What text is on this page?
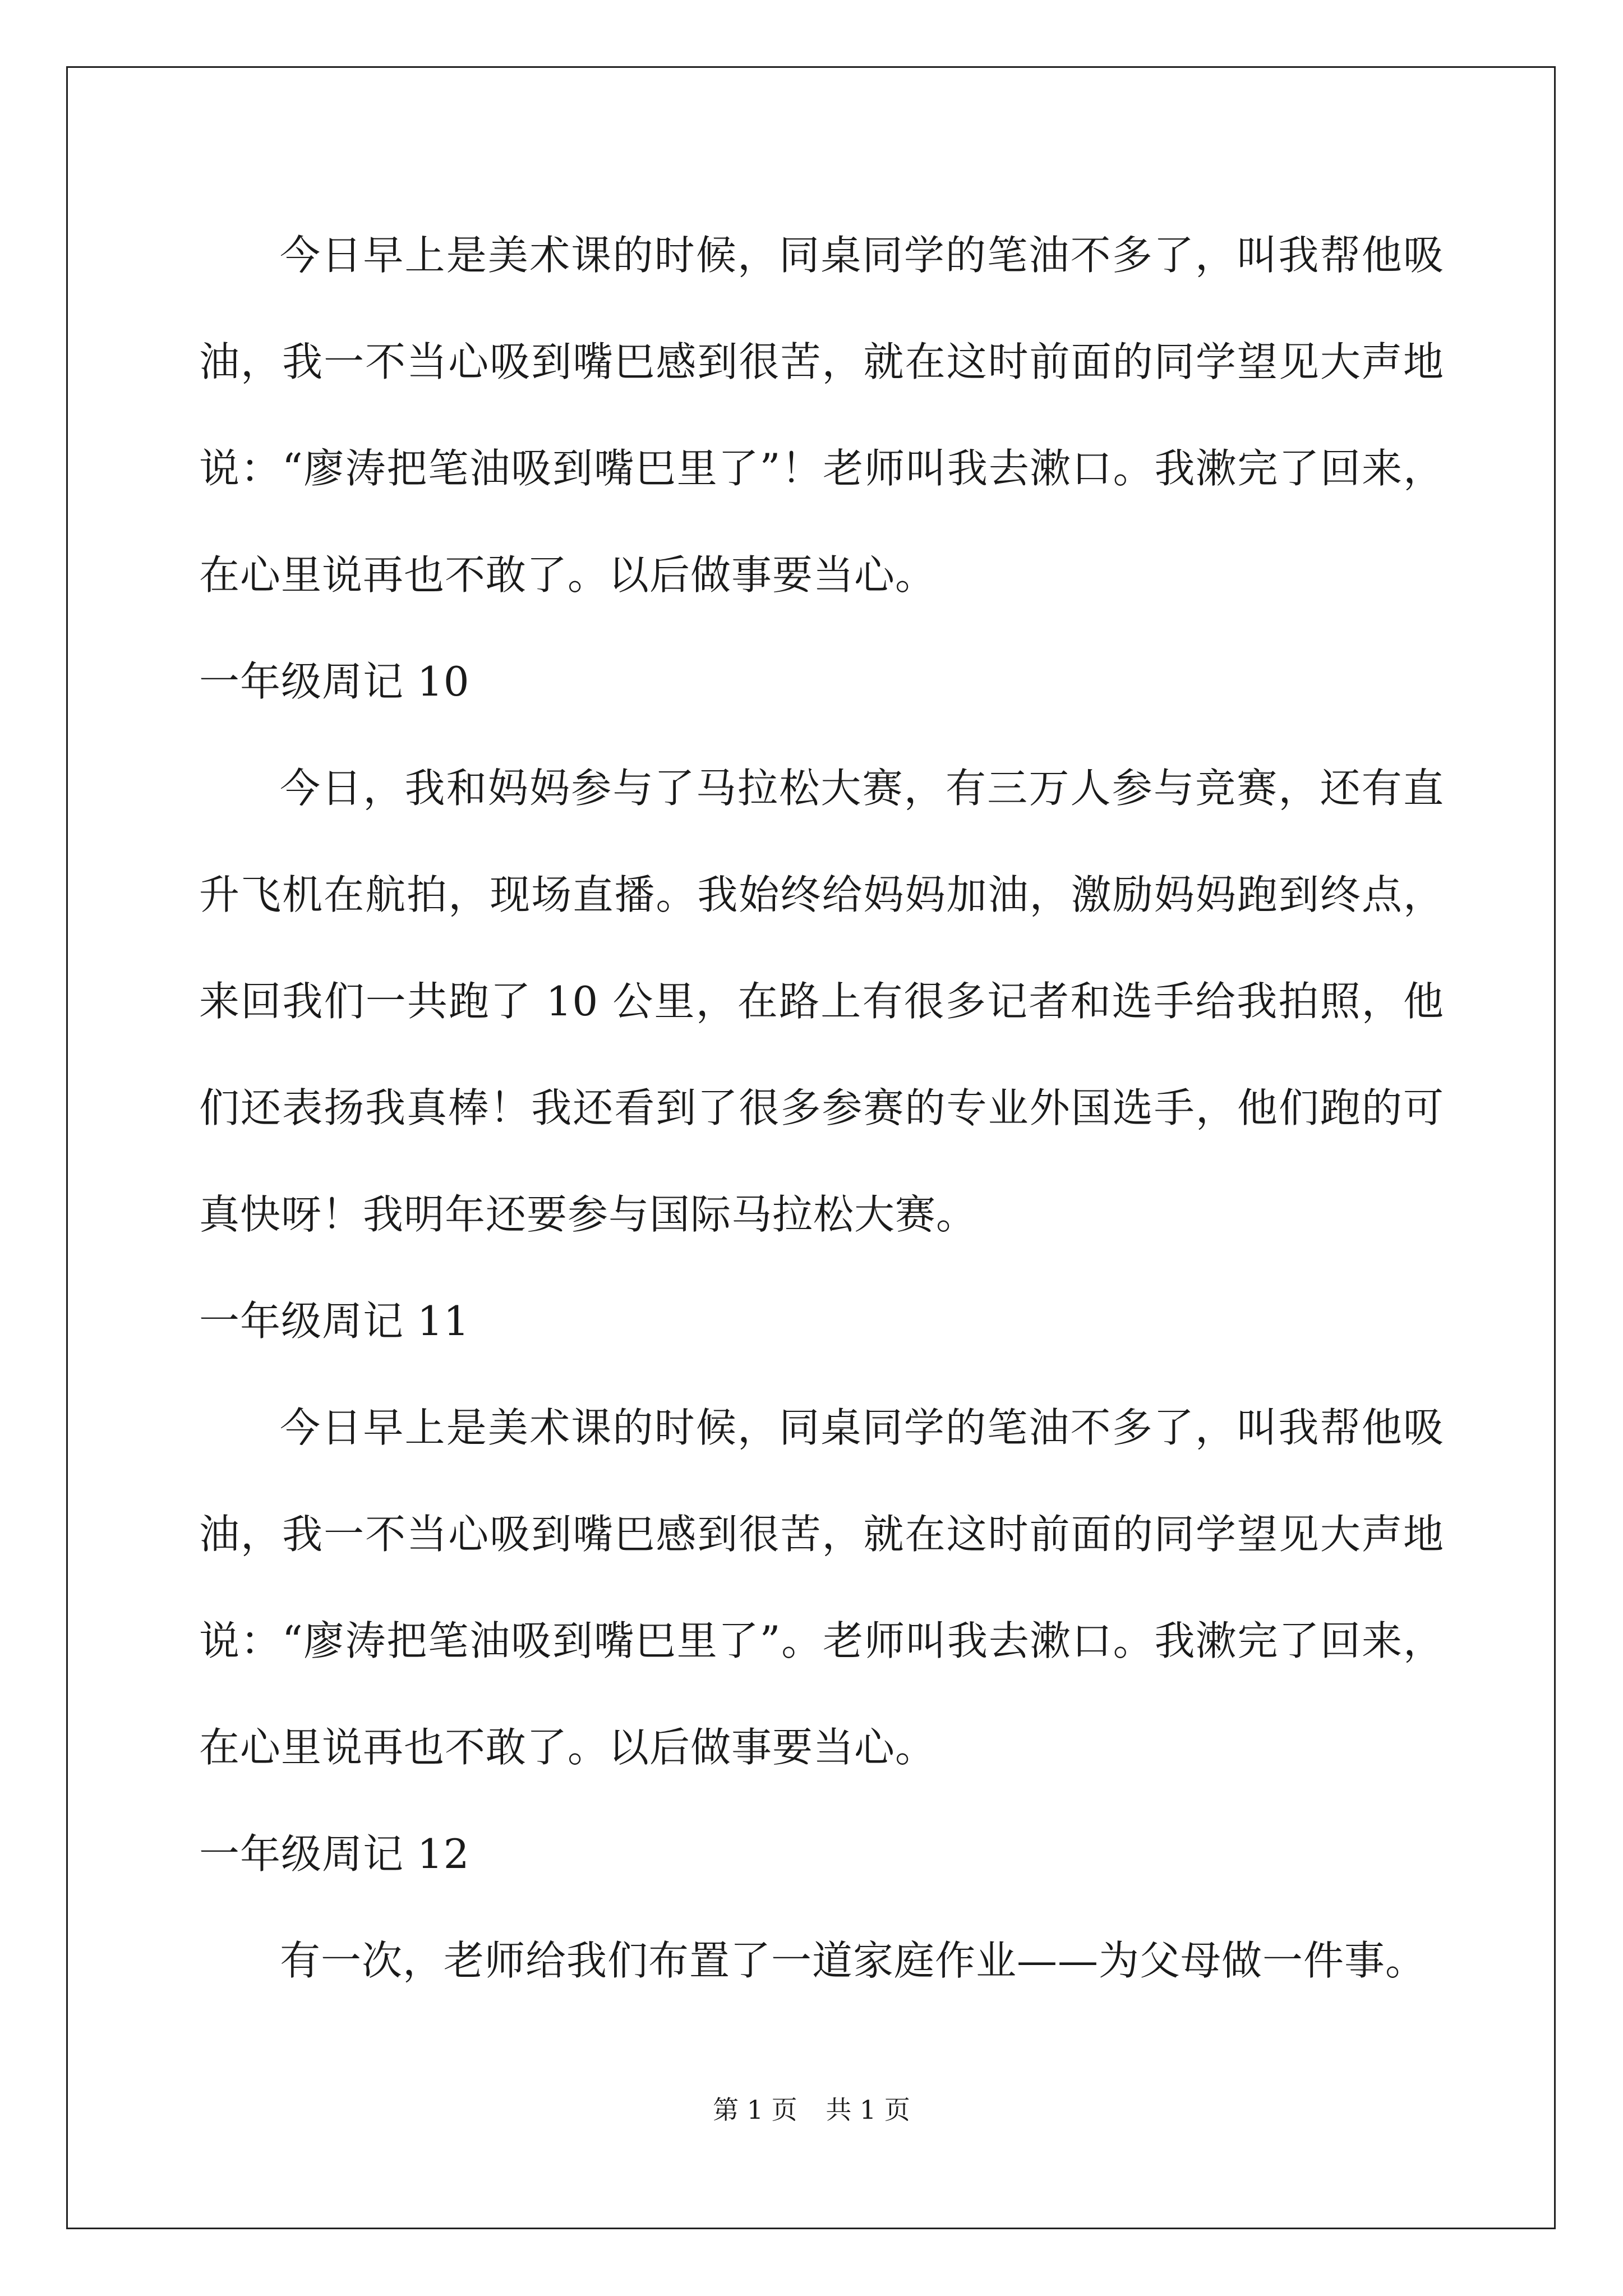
今日早上是美术课的时候，同桌同学的笔油不多了，叫我帮他吸油，我一不当心吸到嘴巴感到很苦，就在这时前面的同学望见大声地说：“廖涛把笔油吸到嘴巴里了”！老师叫我去漱口。我漱完了回来，在心里说再也不敢了。以后做事要当心。

一年级周记 10

今日，我和妈妈参与了马拉松大赛，有三万人参与竞赛，还有直升飞机在航拍，现场直播。我始终给妈妈加油，激励妈妈跑到终点，来回我们一共跑了 10 公里，在路上有很多记者和选手给我拍照，他们还表扬我真棒！我还看到了很多参赛的专业外国选手，他们跑的可真快呀！我明年还要参与国际马拉松大赛。

一年级周记 11

今日早上是美术课的时候，同桌同学的笔油不多了，叫我帮他吸油，我一不当心吸到嘴巴感到很苦，就在这时前面的同学望见大声地说：“廖涛把笔油吸到嘴巴里了”。老师叫我去漱口。我漱完了回来，在心里说再也不敢了。以后做事要当心。

一年级周记 12

有一次，老师给我们布置了一道家庭作业——为父母做一件事。

第 1 页 共 1 页
